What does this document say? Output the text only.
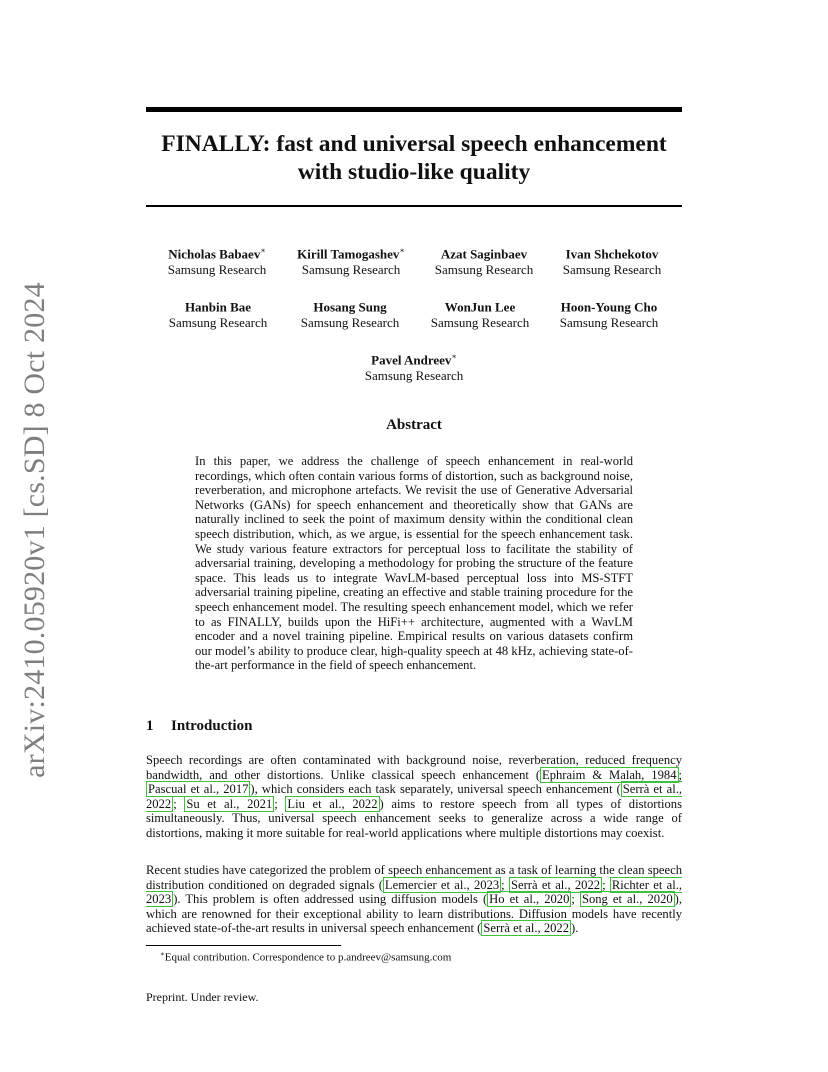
arXiv:2410.05920v1 [cs.SD] 8 Oct 2024
FINALLY: fast and universal speech enhancement
with studio-like quality
Nicholas Babaev∗
Samsung Research
Kirill Tamogashev∗
Samsung Research
Azat Saginbaev
Samsung Research
Ivan Shchekotov
Samsung Research
Hanbin Bae
Samsung Research
Hosang Sung
Samsung Research
WonJun Lee
Samsung Research
Hoon-Young Cho
Samsung Research
Pavel Andreev∗
Samsung Research
Abstract

In this paper, we address the challenge of speech enhancement in real-world recordings, which often contain various forms of distortion, such as background noise, reverberation, and microphone artefacts. We revisit the use of Generative Adversarial Networks (GANs) for speech enhancement and theoretically show that GANs are naturally inclined to seek the point of maximum density within the conditional clean speech distribution, which, as we argue, is essential for the speech enhancement task. We study various feature extractors for perceptual loss to facilitate the stability of adversarial training, developing a methodology for probing the structure of the feature space. This leads us to integrate WavLM-based perceptual loss into MS-STFT adversarial training pipeline, creating an effective and stable training procedure for the speech enhancement model. The resulting speech enhancement model, which we refer to as FINALLY, builds upon the HiFi++ architecture, augmented with a WavLM encoder and a novel training pipeline. Empirical results on various datasets confirm our model’s ability to produce clear, high-quality speech at 48 kHz, achieving state-of-the-art performance in the field of speech enhancement.

1 Introduction

Speech recordings are often contaminated with background noise, reverberation, reduced frequency bandwidth, and other distortions. Unlike classical speech enhancement ( Ephraim & Malah, 1984 ; Pascual et al., 2017 ), which considers each task separately, universal speech enhancement ( Serrà et al., 2022 ; Su et al., 2021 ; Liu et al., 2022 ) aims to restore speech from all types of distortions simultaneously. Thus, universal speech enhancement seeks to generalize across a wide range of distortions, making it more suitable for real-world applications where multiple distortions may coexist.

Recent studies have categorized the problem of speech enhancement as a task of learning the clean speech distribution conditioned on degraded signals ( Lemercier et al., 2023 ; Serrà et al., 2022 ; Richter et al., 2023 ). This problem is often addressed using diffusion models ( Ho et al., 2020 ; Song et al., 2020 ), which are renowned for their exceptional ability to learn distributions. Diffusion models have recently achieved state-of-the-art results in universal speech enhancement ( Serrà et al., 2022 ).

∗Equal contribution. Correspondence to p.andreev@samsung.com
Preprint. Under review.
